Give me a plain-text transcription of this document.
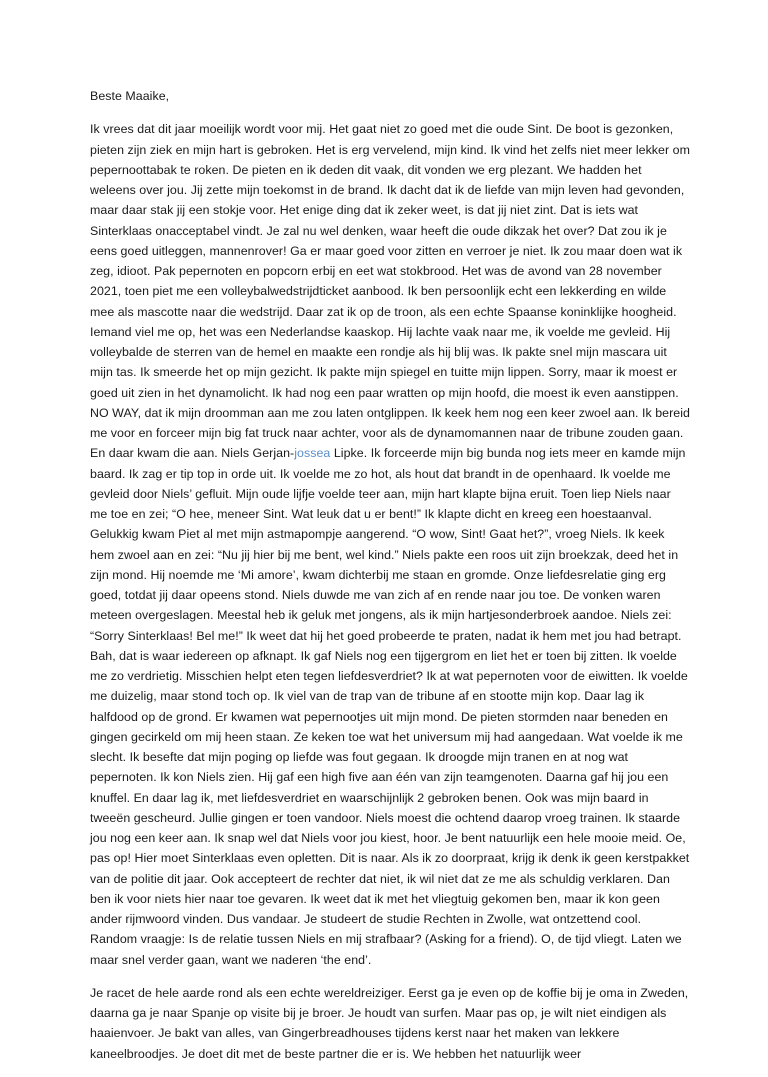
Beste Maaike,

Ik vrees dat dit jaar moeilijk wordt voor mij. Het gaat niet zo goed met die oude Sint. De boot is gezonken, pieten zijn ziek en mijn hart is gebroken. Het is erg vervelend, mijn kind. Ik vind het zelfs niet meer lekker om pepernoottabak te roken. De pieten en ik deden dit vaak, dit vonden we erg plezant. We hadden het weleens over jou. Jij zette mijn toekomst in de brand. Ik dacht dat ik de liefde van mijn leven had gevonden, maar daar stak jij een stokje voor. Het enige ding dat ik zeker weet, is dat jij niet zint. Dat is iets wat Sinterklaas onacceptabel vindt. Je zal nu wel denken, waar heeft die oude dikzak het over? Dat zou ik je eens goed uitleggen, mannenrover! Ga er maar goed voor zitten en verroer je niet. Ik zou maar doen wat ik zeg, idioot. Pak pepernoten en popcorn erbij en eet wat stokbrood. Het was de avond van 28 november 2021, toen piet me een volleybalwedstrijdticket aanbood. Ik ben persoonlijk echt een lekkerding en wilde mee als mascotte naar die wedstrijd. Daar zat ik op de troon, als een echte Spaanse koninklijke hoogheid. Iemand viel me op, het was een Nederlandse kaaskop. Hij lachte vaak naar me, ik voelde me gevleid. Hij volleybalde de sterren van de hemel en maakte een rondje als hij blij was. Ik pakte snel mijn mascara uit mijn tas. Ik smeerde het op mijn gezicht. Ik pakte mijn spiegel en tuitte mijn lippen. Sorry, maar ik moest er goed uit zien in het dynamolicht. Ik had nog een paar wratten op mijn hoofd, die moest ik even aanstippen. NO WAY, dat ik mijn droomman aan me zou laten ontglippen. Ik keek hem nog een keer zwoel aan. Ik bereid me voor en forceer mijn big fat truck naar achter, voor als de dynamomannen naar de tribune zouden gaan. En daar kwam die aan. Niels Gerjan-jossea Lipke. Ik forceerde mijn big bunda nog iets meer en kamde mijn baard. Ik zag er tip top in orde uit. Ik voelde me zo hot, als hout dat brandt in de openhaard. Ik voelde me gevleid door Niels’ gefluit. Mijn oude lijfje voelde teer aan, mijn hart klapte bijna eruit. Toen liep Niels naar me toe en zei; “O hee, meneer Sint. Wat leuk dat u er bent!” Ik klapte dicht en kreeg een hoestaanval. Gelukkig kwam Piet al met mijn astmapompje aangerend. “O wow, Sint! Gaat het?”, vroeg Niels. Ik keek hem zwoel aan en zei: “Nu jij hier bij me bent, wel kind.” Niels pakte een roos uit zijn broekzak, deed het in zijn mond. Hij noemde me ‘Mi amore’, kwam dichterbij me staan en gromde. Onze liefdesrelatie ging erg goed, totdat jij daar opeens stond. Niels duwde me van zich af en rende naar jou toe. De vonken waren meteen overgeslagen. Meestal heb ik geluk met jongens, als ik mijn hartjesonderbroek aandoe. Niels zei: “Sorry Sinterklaas! Bel me!” Ik weet dat hij het goed probeerde te praten, nadat ik hem met jou had betrapt. Bah, dat is waar iedereen op afknapt. Ik gaf Niels nog een tijgergrom en liet het er toen bij zitten. Ik voelde me zo verdrietig. Misschien helpt eten tegen liefdesverdriet? Ik at wat pepernoten voor de eiwitten. Ik voelde me duizelig, maar stond toch op. Ik viel van de trap van de tribune af en stootte mijn kop. Daar lag ik halfdood op de grond. Er kwamen wat pepernootjes uit mijn mond. De pieten stormden naar beneden en gingen gecirkeld om mij heen staan. Ze keken toe wat het universum mij had aangedaan. Wat voelde ik me slecht. Ik besefte dat mijn poging op liefde was fout gegaan. Ik droogde mijn tranen en at nog wat pepernoten. Ik kon Niels zien. Hij gaf een high five aan één van zijn teamgenoten. Daarna gaf hij jou een knuffel. En daar lag ik, met liefdesverdriet en waarschijnlijk 2 gebroken benen. Ook was mijn baard in tweeën gescheurd. Jullie gingen er toen vandoor. Niels moest die ochtend daarop vroeg trainen. Ik staarde jou nog een keer aan. Ik snap wel dat Niels voor jou kiest, hoor. Je bent natuurlijk een hele mooie meid. Oe, pas op! Hier moet Sinterklaas even opletten. Dit is naar. Als ik zo doorpraat, krijg ik denk ik geen kerstpakket van de politie dit jaar. Ook accepteert de rechter dat niet, ik wil niet dat ze me als schuldig verklaren. Dan ben ik voor niets hier naar toe gevaren. Ik weet dat ik met het vliegtuig gekomen ben, maar ik kon geen ander rijmwoord vinden. Dus vandaar. Je studeert de studie Rechten in Zwolle, wat ontzettend cool. Random vraagje: Is de relatie tussen Niels en mij strafbaar? (Asking for a friend). O, de tijd vliegt. Laten we maar snel verder gaan, want we naderen ‘the end’.

Je racet de hele aarde rond als een echte wereldreiziger. Eerst ga je even op de koffie bij je oma in Zweden, daarna ga je naar Spanje op visite bij je broer. Je houdt van surfen. Maar pas op, je wilt niet eindigen als haaienvoer. Je bakt van alles, van Gingerbreadhouses tijdens kerst naar het maken van lekkere kaneelbroodjes. Je doet dit met de beste partner die er is. We hebben het natuurlijk weer
